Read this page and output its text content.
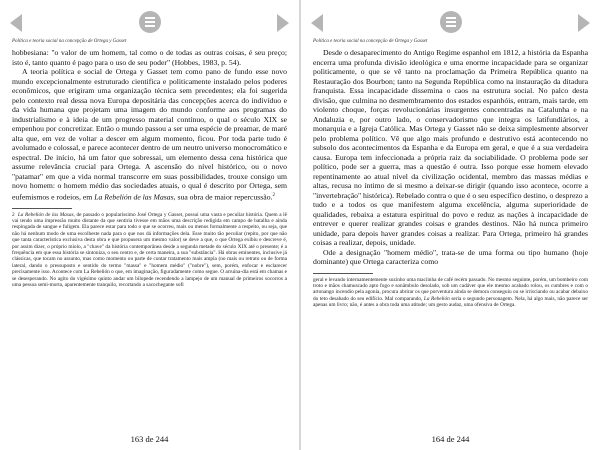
Política e teoria social na concepção de Ortega y Gasset

hobbesiana: "o valor de um homem, tal como o de todas as outras coisas, é seu preço; isto é, tanto quanto é pago para o uso de seu poder" (Hobbes, 1983, p. 54).

A teoria política e social de Ortega y Gasset tem como pano de fundo esse novo mundo excepcionalmente estruturado cientifica e politicamente instalado pelos poderes econômicos, que erigiram uma organização técnica sem precedentes; ela foi sugerida pelo contexto real dessa nova Europa depositária das concepções acerca do indivíduo e da vida humana que projetam uma imagem do mundo conforme aos programas do industrialismo e à ideia de um progresso material contínuo, o qual o século XIX se empenhou por concretizar. Então o mundo passou a ser uma espécie de preamar, de maré alta que, em vez de voltar a descer em algum momento, ficou. Por toda parte tudo é avolumado e colossal, e parece acontecer dentro de um neutro universo monocromático e espectral. De início, há um fator que sobressai, um elemento dessa cena histórica que assume relevância crucial para Ortega. A ascensão do nível histórico, ou o novo "patamar" em que a vida normal transcorre em suas possibilidades, trouxe consigo um novo homem: o homem médio das sociedades atuais, o qual é descrito por Ortega, sem eufemismos e rodeios, em La Rebelión de las Masas, sua obra de maior repercussão.$^2$

2 La Rebelión de las Masas, de passado o popularíssimo José Ortega y Gasset, possui uma vasta e peculiar história. Quem a lê vai tendo uma impressão muito distante da que sentiria tivesse em mãos uma descrição redigida em campo de batalha e ainda respingada de sangue e fuligem. Ela parece estar para todo o que se ocorreu, mais ou menos formalmente a respeito, ou seja, que não há nenhum modo de uma escolheste nada para o que nos dá informações dela. Esse muito tão peculiar (repito, por que não que tanta característica exclusiva desta obra e que propusera um mesmo valor) se deve a que, o que Ortega exibiu e descreve é, por assim dizer, o próprio miolo, a "chave" da história contemporânea desde a segunda metade do século XIX até o presente; é a frequência em que essa história se sintoniza, o seu centro e, de certa maneira, a sua "substância". Há obras eminentes, inclusive já clássicas, que tocam no assunto, mas como momento ou parte de contar tratamento mais ampla (no mais ou retrato ou de forma lateral, dando o pressuposto e sentido do termo "massa" e "homem médio" ("nobre"), sem, porém, enfocar e esclarecer precisamente isso. Acontece com La Rebelión o que, em imaginação, figuradamente como segue. O arruína-dia está em chamas e se desesperando. No agito do vigésimo quinto andar um bilopede recendendo a lampejo de um manual de primeiros socorros a uma pessoa semi-morta, aparentemente tranquilo, recortando a sacochegante sofi

163 de 244
Política e teoria social na concepção de Ortega y Gasset

Desde o desaparecimento do Antigo Regime espanhol em 1812, a história da Espanha encerra uma profunda divisão ideológica e uma enorme incapacidade para se organizar politicamente, o que se vê tanto na proclamação da Primeira República quanto na Restauração dos Bourbon; tanto na Segunda República como na instauração da ditadura franquista. Essa incapacidade dissemina o caos na estrutura social. No palco desta divisão, que culmina no desmembramento dos estados espanhóis, entram, mais tarde, em violento choque, forças revolucionárias insurgentes concentradas na Catalunha e na Andaluzia e, por outro lado, o conservadorismo que integra os latifundiários, a monarquia e a Igreja Católica. Mas Ortega y Gasset não se deixa simplesmente absorver pelo problema político. Vê que algo mais profundo e destrutivo está acontecendo no subsolo dos acontecimentos da Espanha e da Europa em geral, e que é a sua verdadeira causa. Europa tem infeccionada a própria raiz da sociabilidade. O problema pode ser político, pode ser a guerra, mas a questão é outra. Isso porque esse homem elevado repentinamente ao atual nível da civilização ocidental, membro das massas médias e altas, recusa no íntimo de si mesmo a deixar-se dirigir (quando isso acontece, ocorre a "invertebração" histórica). Rebelado contra o que é o seu específico destino, o desprezo a tudo e a todos os que manifestem alguma excelência, alguma superioridade de qualidades, rebaixa a estatura espiritual do povo e reduz as nações à incapacidade de entrever e querer realizar grandes coisas e grandes destinos. Não há nunca primeiro unidade, para depois haver grandes coisas a realizar. Para Ortega, primeiro há grandes coisas a realizar, depois, unidade.

Ode a designação "homem médio", trata-se de uma forma ou tipo humano (hoje dominante) que Ortega caracteriza como

geral e levando internamentemente sozinho uma maciinha de café recém passado. No mesmo seguinte, porém, um bombeiro com troto e mãos chamuscado apto fogo e sonâmbulo desolado, sob um cadáver que ele mesmo acabado rolou, os cumbres e com o artonango incendio pela agonia, procura abrirar os que porventura ainda se demora conseguiu ou se irrisciando ou acabar debaixo do teto desabado do seu edifício. Mal comparando, La Rebelión seria o segundo personagem. Nela, há algo mais, não parece ser apenas um livro; não, é antes a obra toda uma atitude; um gesto audaz, uma ofensiva de Ortega.

164 de 244
